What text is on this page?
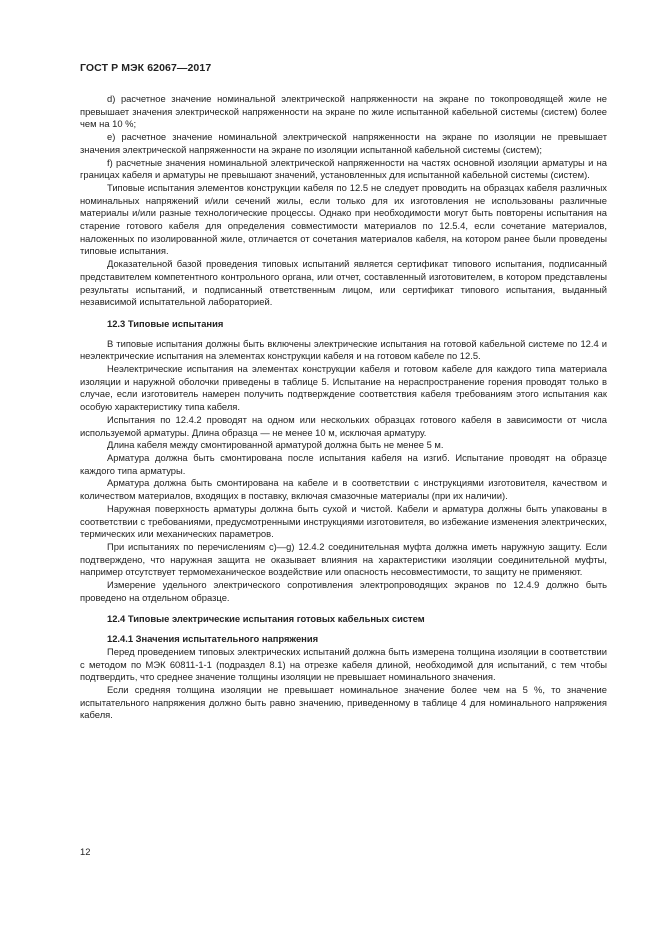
ГОСТ Р МЭК 62067—2017

d) расчетное значение номинальной электрической напряженности на экране по токопроводящей жиле не превышает значения электрической напряженности на экране по жиле испытанной кабельной системы (систем) более чем на 10 %;

e) расчетное значение номинальной электрической напряженности на экране по изоляции не превышает значения электрической напряженности на экране по изоляции испытанной кабельной системы (систем);

f) расчетные значения номинальной электрической напряженности на частях основной изоляции арматуры и на границах кабеля и арматуры не превышают значений, установленных для испытанной кабельной системы (систем).

Типовые испытания элементов конструкции кабеля по 12.5 не следует проводить на образцах кабеля различных номинальных напряжений и/или сечений жилы, если только для их изготовления не использованы различные материалы и/или разные технологические процессы. Однако при необходимости могут быть повторены испытания на старение готового кабеля для определения совместимости материалов по 12.5.4, если сочетание материалов, наложенных по изолированной жиле, отличается от сочетания материалов кабеля, на котором ранее были проведены типовые испытания.

Доказательной базой проведения типовых испытаний является сертификат типового испытания, подписанный представителем компетентного контрольного органа, или отчет, составленный изготовителем, в котором представлены результаты испытаний, и подписанный ответственным лицом, или сертификат типового испытания, выданный независимой испытательной лабораторией.

12.3 Типовые испытания

В типовые испытания должны быть включены электрические испытания на готовой кабельной системе по 12.4 и неэлектрические испытания на элементах конструкции кабеля и на готовом кабеле по 12.5.

Неэлектрические испытания на элементах конструкции кабеля и готовом кабеле для каждого типа материала изоляции и наружной оболочки приведены в таблице 5. Испытание на нераспространение горения проводят только в случае, если изготовитель намерен получить подтверждение соответствия кабеля требованиям этого испытания как особую характеристику типа кабеля.

Испытания по 12.4.2 проводят на одном или нескольких образцах готового кабеля в зависимости от числа используемой арматуры. Длина образца — не менее 10 м, исключая арматуру.

Длина кабеля между смонтированной арматурой должна быть не менее 5 м.

Арматура должна быть смонтирована после испытания кабеля на изгиб. Испытание проводят на образце каждого типа арматуры.

Арматура должна быть смонтирована на кабеле и в соответствии с инструкциями изготовителя, качеством и количеством материалов, входящих в поставку, включая смазочные материалы (при их наличии).

Наружная поверхность арматуры должна быть сухой и чистой. Кабели и арматура должны быть упакованы в соответствии с требованиями, предусмотренными инструкциями изготовителя, во избежание изменения электрических, термических или механических параметров.

При испытаниях по перечислениям c)—g) 12.4.2 соединительная муфта должна иметь наружную защиту. Если подтверждено, что наружная защита не оказывает влияния на характеристики изоляции соединительной муфты, например отсутствует термомеханическое воздействие или опасность несовместимости, то защиту не применяют.

Измерение удельного электрического сопротивления электропроводящих экранов по 12.4.9 должно быть проведено на отдельном образце.

12.4 Типовые электрические испытания готовых кабельных систем
12.4.1 Значения испытательного напряжения

Перед проведением типовых электрических испытаний должна быть измерена толщина изоляции в соответствии с методом по МЭК 60811-1-1 (подраздел 8.1) на отрезке кабеля длиной, необходимой для испытаний, с тем чтобы подтвердить, что среднее значение толщины изоляции не превышает номинального значения.

Если средняя толщина изоляции не превышает номинальное значение более чем на 5 %, то значение испытательного напряжения должно быть равно значению, приведенному в таблице 4 для номинального напряжения кабеля.

12
